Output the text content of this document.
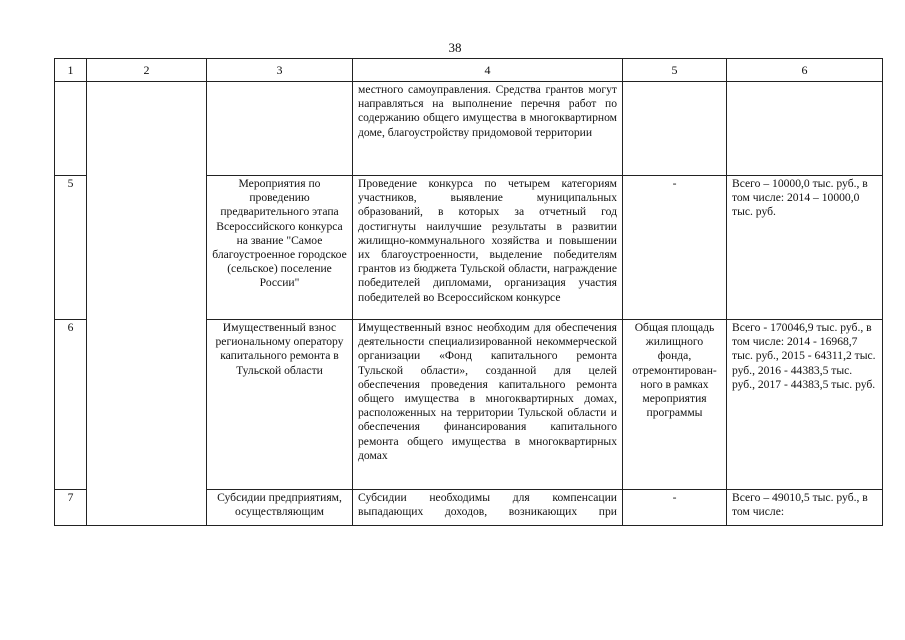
38
1	2	3	4	5	6

			местного самоуправления. Средства грантов могут направляться на выполнение перечня работ по содержанию общего имущества в многоквартирном доме, благоустройству придомовой территории		

5		Мероприятия по проведению предварительного этапа Всероссийского конкурса на звание "Самое благоустроенное городское (сельское) поселение России"	Проведение конкурса по четырем категориям участников, выявление муниципальных образований, в которых за отчетный год достигнуты наилучшие результаты в развитии жилищно-коммунального хозяйства и повышении их благоустроенности, выделение победителям грантов из бюджета Тульской области, награждение победителей дипломами, организация участия победителей во Всероссийском конкурсе	-	Всего – 10000,0 тыс. руб., в том числе: 2014 – 10000,0 тыс. руб.
6		Имущественный взнос региональному оператору капитального ремонта в Тульской области	Имущественный взнос необходим для обеспечения деятельности специализированной некоммерческой организации «Фонд капитального ремонта Тульской области», созданной для целей обеспечения проведения капитального ремонта общего имущества в многоквартирных домах, расположенных на территории Тульской области и обеспечения финансирования капитального ремонта общего имущества в многоквартирных домах	Общая площадь жилищного фонда, отремонтирован-ного в рамках мероприятия программы	Всего - 170046,9 тыс. руб., в том числе: 2014 - 16968,7 тыс. руб., 2015 - 64311,2 тыс. руб., 2016 - 44383,5 тыс. руб., 2017 - 44383,5 тыс. руб.
7		Субсидии предприятиям, осуществляющим	Субсидии необходимы для компенсации выпадающих доходов, возникающих при	-	Всего – 49010,5 тыс. руб., в том числе:
